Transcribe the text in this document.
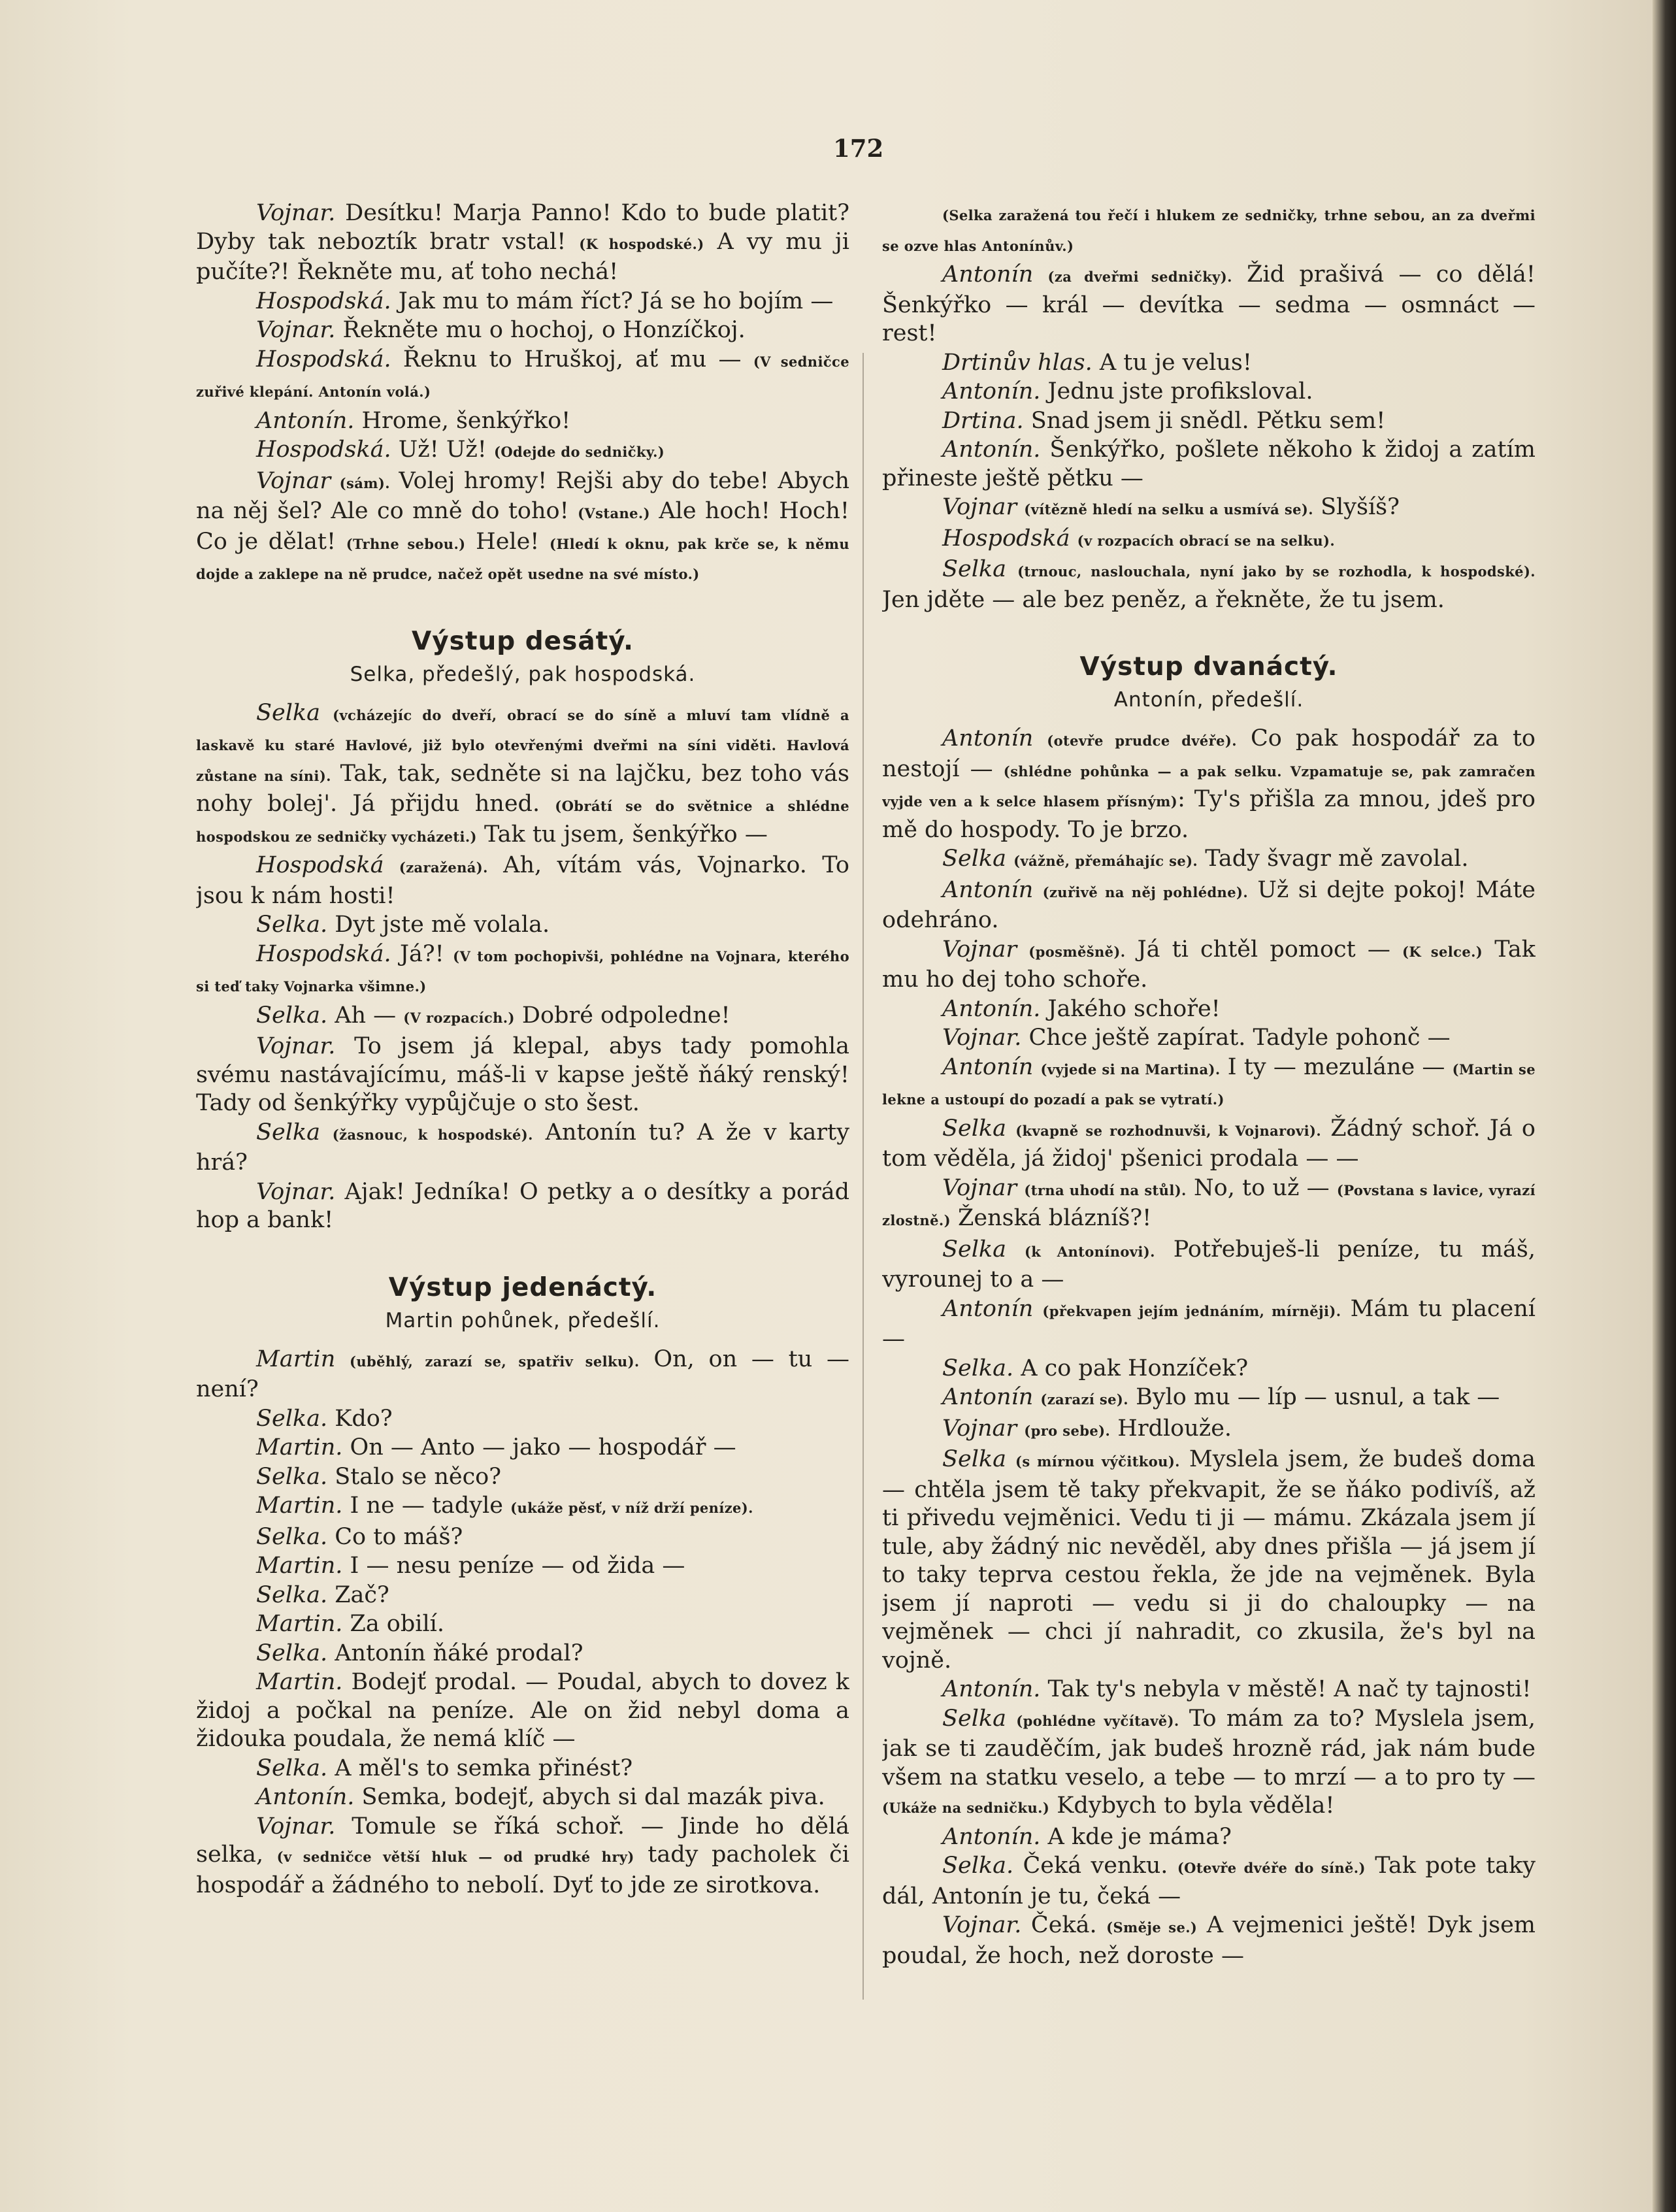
172

Vojnar. Desítku! Marja Panno! Kdo to bude platit? Dyby tak neboztík bratr vstal! (K hospodské.) A vy mu ji pučíte?! Řekněte mu, ať toho nechá!

Hospodská. Jak mu to mám říct? Já se ho bojím —

Vojnar. Řekněte mu o hochoj, o Honzíčkoj.

Hospodská. Řeknu to Hruškoj, ať mu — (V sedničce zuřivé klepání. Antonín volá.)

Antonín. Hrome, šenkýřko!

Hospodská. Už! Už! (Odejde do sedničky.)

Vojnar (sám). Volej hromy! Rejši aby do tebe! Abych na něj šel? Ale co mně do toho! (Vstane.) Ale hoch! Hoch! Co je dělat! (Trhne sebou.) Hele! (Hledí k oknu, pak krče se, k němu dojde a zaklepe na ně prudce, načež opět usedne na své místo.)

Výstup desátý.
Selka, předešlý, pak hospodská.

Selka (vcházejíc do dveří, obrací se do síně a mluví tam vlídně a laskavě ku staré Havlové, již bylo otevřenými dveřmi na síni viděti. Havlová zůstane na síni). Tak, tak, sedněte si na lajčku, bez toho vás nohy bolej'. Já přijdu hned. (Obrátí se do světnice a shlédne hospodskou ze sedničky vycházeti.) Tak tu jsem, šenkýřko —

Hospodská (zaražená). Ah, vítám vás, Vojnarko. To jsou k nám hosti!

Selka. Dyt jste mě volala.

Hospodská. Já?! (V tom pochopivši, pohlédne na Vojnara, kterého si teď taky Vojnarka všimne.)

Selka. Ah — (V rozpacích.) Dobré odpoledne!

Vojnar. To jsem já klepal, abys tady pomohla svému nastávajícímu, máš-li v kapse ještě ňáký renský! Tady od šenkýřky vypůjčuje o sto šest.

Selka (žasnouc, k hospodské). Antonín tu? A že v karty hrá?

Vojnar. Ajak! Jedníka! O petky a o desítky a porád hop a bank!

Výstup jedenáctý.
Martin pohůnek, předešlí.

Martin (uběhlý, zarazí se, spatřiv selku). On, on — tu — není?

Selka. Kdo?

Martin. On — Anto — jako — hospodář —

Selka. Stalo se něco?

Martin. I ne — tadyle (ukáže pěsť, v níž drží peníze).

Selka. Co to máš?

Martin. I — nesu peníze — od žida —

Selka. Zač?

Martin. Za obilí.

Selka. Antonín ňáké prodal?

Martin. Bodejť prodal. — Poudal, abych to dovez k židoj a počkal na peníze. Ale on žid nebyl doma a židouka poudala, že nemá klíč —

Selka. A měl's to semka přinést?

Antonín. Semka, bodejť, abych si dal mazák piva.

Vojnar. Tomule se říká schoř. — Jinde ho dělá selka, (v sedničce větší hluk — od prudké hry) tady pacholek či hospodář a žádného to nebolí. Dyť to jde ze sirotkova.

(Selka zaražená tou řečí i hlukem ze sedničky, trhne sebou, an za dveřmi se ozve hlas Antonínův.)

Antonín (za dveřmi sedničky). Žid prašivá — co dělá! Šenkýřko — král — devítka — sedma — osmnáct — rest!

Drtinův hlas. A tu je velus!

Antonín. Jednu jste profiksloval.

Drtina. Snad jsem ji snědl. Pětku sem!

Antonín. Šenkýřko, pošlete někoho k židoj a zatím přineste ještě pětku —

Vojnar (vítězně hledí na selku a usmívá se). Slyšíš?

Hospodská (v rozpacích obrací se na selku).

Selka (trnouc, naslouchala, nyní jako by se rozhodla, k hospodské). Jen jděte — ale bez peněz, a řekněte, že tu jsem.

Výstup dvanáctý.
Antonín, předešlí.

Antonín (otevře prudce dvéře). Co pak hospodář za to nestojí — (shlédne pohůnka — a pak selku. Vzpamatuje se, pak zamračen vyjde ven a k selce hlasem přísným): Ty's přišla za mnou, jdeš pro mě do hospody. To je brzo.

Selka (vážně, přemáhajíc se). Tady švagr mě zavolal.

Antonín (zuřivě na něj pohlédne). Už si dejte pokoj! Máte odehráno.

Vojnar (posměšně). Já ti chtěl pomoct — (K selce.) Tak mu ho dej toho schoře.

Antonín. Jakého schoře!

Vojnar. Chce ještě zapírat. Tadyle pohonč —

Antonín (vyjede si na Martina). I ty — mezuláne — (Martin se lekne a ustoupí do pozadí a pak se vytratí.)

Selka (kvapně se rozhodnuvši, k Vojnarovi). Žádný schoř. Já o tom věděla, já židoj' pšenici prodala — —

Vojnar (trna uhodí na stůl). No, to už — (Povstana s lavice, vyrazí zlostně.) Ženská blázníš?!

Selka (k Antonínovi). Potřebuješ-li peníze, tu máš, vyrounej to a —

Antonín (překvapen jejím jednáním, mírněji). Mám tu placení —

Selka. A co pak Honzíček?

Antonín (zarazí se). Bylo mu — líp — usnul, a tak —

Vojnar (pro sebe). Hrdlouže.

Selka (s mírnou výčitkou). Myslela jsem, že budeš doma — chtěla jsem tě taky překvapit, že se ňáko podivíš, až ti přivedu vejměnici. Vedu ti ji — mámu. Zkázala jsem jí tule, aby žádný nic nevěděl, aby dnes přišla — já jsem jí to taky teprva cestou řekla, že jde na vejměnek. Byla jsem jí naproti — vedu si ji do chaloupky — na vejměnek — chci jí nahradit, co zkusila, že's byl na vojně.

Antonín. Tak ty's nebyla v městě! A nač ty tajnosti!

Selka (pohlédne vyčítavě). To mám za to? Myslela jsem, jak se ti zauděčím, jak budeš hrozně rád, jak nám bude všem na statku veselo, a tebe — to mrzí — a to pro ty — (Ukáže na sedničku.) Kdybych to byla věděla!

Antonín. A kde je máma?

Selka. Čeká venku. (Otevře dvéře do síně.) Tak pote taky dál, Antonín je tu, čeká —

Vojnar. Čeká. (Směje se.) A vejmenici ještě! Dyk jsem poudal, že hoch, než doroste —
